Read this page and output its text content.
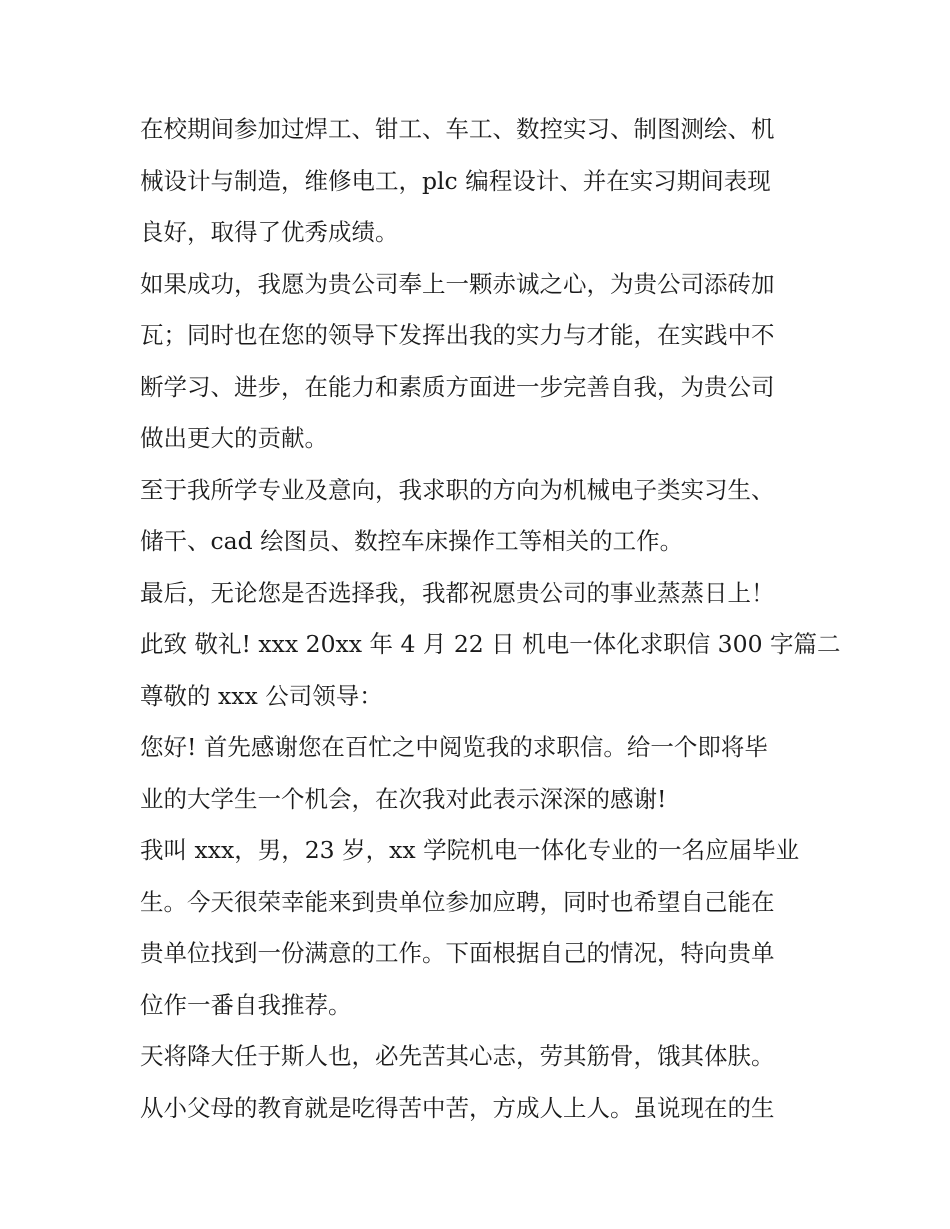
在校期间参加过焊工、钳工、车工、数控实习、制图测绘、机
械设计与制造，维修电工，plc 编程设计、并在实习期间表现
良好，取得了优秀成绩。
如果成功，我愿为贵公司奉上一颗赤诚之心，为贵公司添砖加
瓦；同时也在您的领导下发挥出我的实力与才能，在实践中不
断学习、进步，在能力和素质方面进一步完善自我，为贵公司
做出更大的贡献。
至于我所学专业及意向，我求职的方向为机械电子类实习生、
储干、cad 绘图员、数控车床操作工等相关的工作。
最后，无论您是否选择我，我都祝愿贵公司的事业蒸蒸日上！
此致 敬礼! xxx 20xx 年 4 月 22 日 机电一体化求职信 300 字篇二
尊敬的 xxx 公司领导：
您好! 首先感谢您在百忙之中阅览我的求职信。给一个即将毕
业的大学生一个机会，在次我对此表示深深的感谢!
我叫 xxx，男，23 岁，xx 学院机电一体化专业的一名应届毕业
生。今天很荣幸能来到贵单位参加应聘，同时也希望自己能在
贵单位找到一份满意的工作。下面根据自己的情况，特向贵单
位作一番自我推荐。
天将降大任于斯人也，必先苦其心志，劳其筋骨，饿其体肤。
从小父母的教育就是吃得苦中苦，方成人上人。虽说现在的生
